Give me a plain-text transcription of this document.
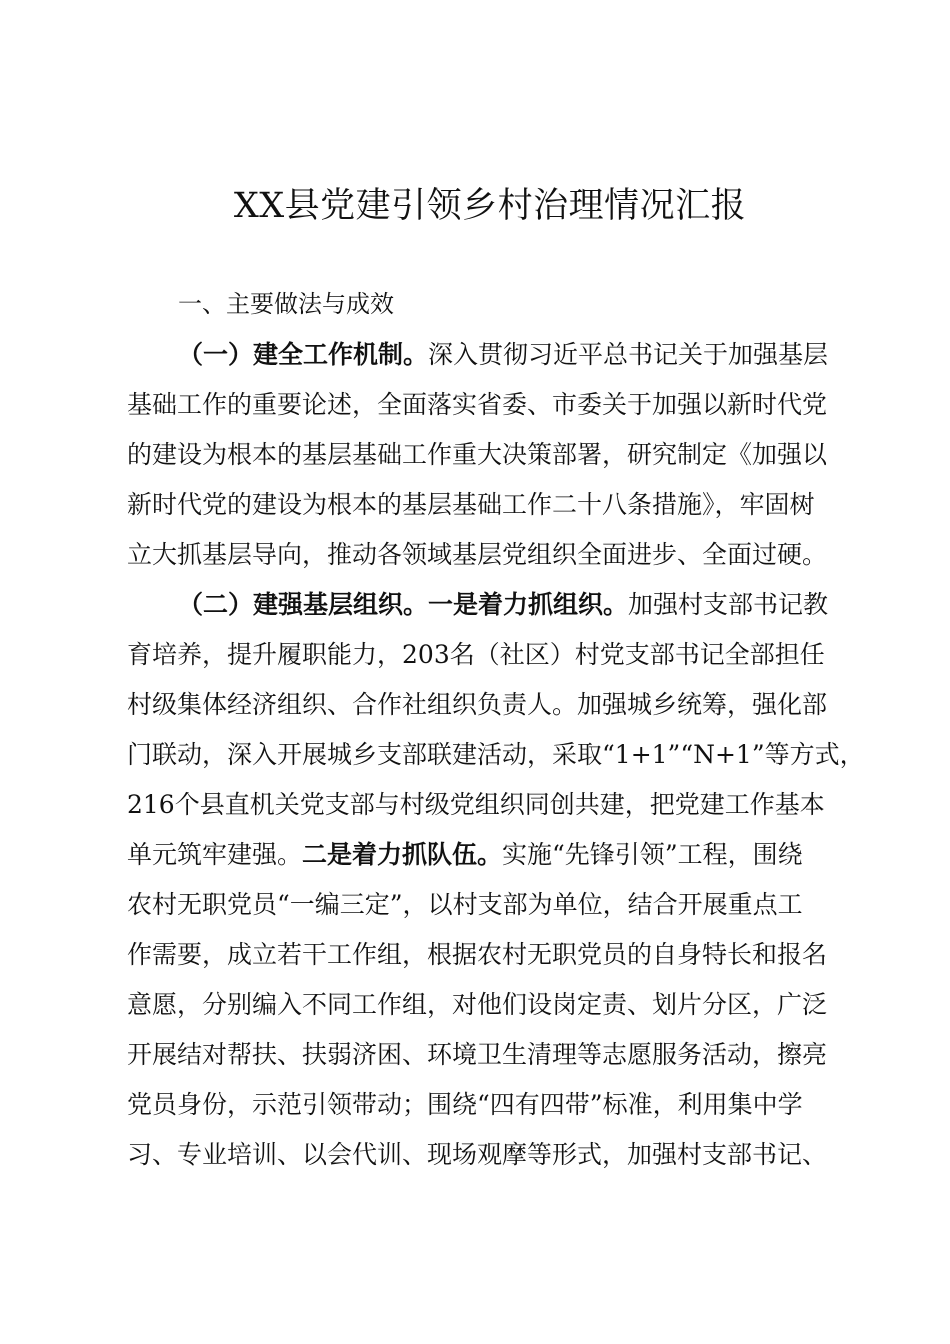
XX县党建引领乡村治理情况汇报

一、主要做法与成效

（一）建全工作机制。深入贯彻习近平总书记关于加强基层

基础工作的重要论述，全面落实省委、市委关于加强以新时代党

的建设为根本的基层基础工作重大决策部署，研究制定《加强以

新时代党的建设为根本的基层基础工作二十八条措施》，牢固树

立大抓基层导向，推动各领域基层党组织全面进步、全面过硬。

（二）建强基层组织。一是着力抓组织。加强村支部书记教

育培养，提升履职能力，203名（社区）村党支部书记全部担任

村级集体经济组织、合作社组织负责人。加强城乡统筹，强化部

门联动，深入开展城乡支部联建活动，采取“1+1”“N+1”等方式，

216个县直机关党支部与村级党组织同创共建，把党建工作基本

单元筑牢建强。二是着力抓队伍。实施“先锋引领”工程，围绕

农村无职党员“一编三定”，以村支部为单位，结合开展重点工

作需要，成立若干工作组，根据农村无职党员的自身特长和报名

意愿，分别编入不同工作组，对他们设岗定责、划片分区，广泛

开展结对帮扶、扶弱济困、环境卫生清理等志愿服务活动，擦亮

党员身份，示范引领带动；围绕“四有四带”标准，利用集中学

习、专业培训、以会代训、现场观摩等形式，加强村支部书记、
